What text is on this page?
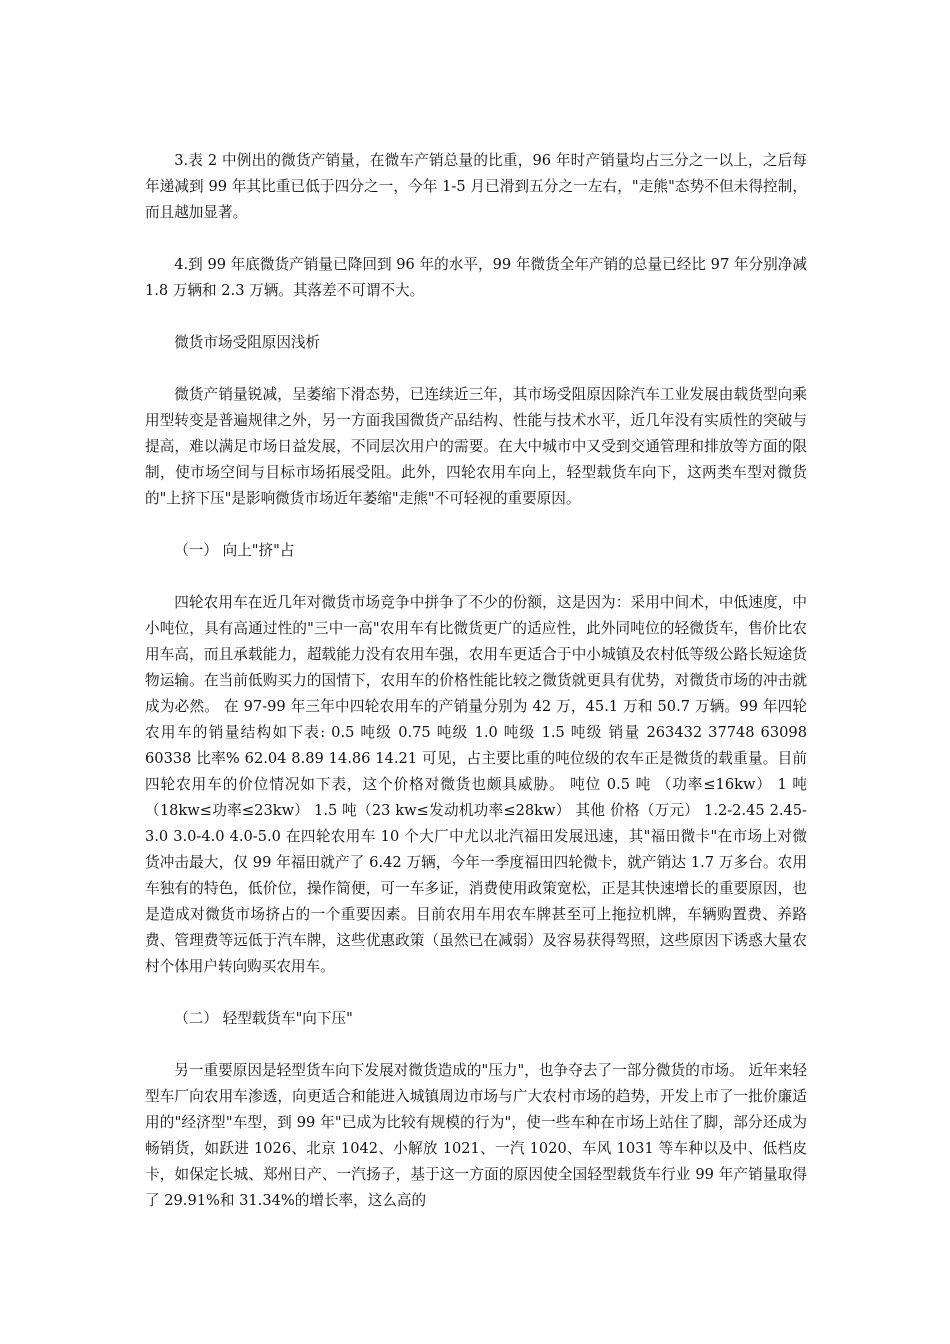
3.表 2 中例出的微货产销量，在微车产销总量的比重，96 年时产销量均占三分之一以上，之后每年递减到 99 年其比重已低于四分之一，今年 1-5 月已滑到五分之一左右，"走熊"态势不但未得控制，而且越加显著。

4.到 99 年底微货产销量已降回到 96 年的水平，99 年微货全年产销的总量已经比 97 年分别净减 1.8 万辆和 2.3 万辆。其落差不可谓不大。

微货市场受阻原因浅析

微货产销量锐减，呈萎缩下滑态势，已连续近三年，其市场受阻原因除汽车工业发展由载货型向乘用型转变是普遍规律之外，另一方面我国微货产品结构、性能与技术水平，近几年没有实质性的突破与提高，难以满足市场日益发展，不同层次用户的需要。在大中城市中又受到交通管理和排放等方面的限制，使市场空间与目标市场拓展受阻。此外，四轮农用车向上，轻型载货车向下，这两类车型对微货的"上挤下压"是影响微货市场近年萎缩"走熊"不可轻视的重要原因。

（一） 向上"挤"占

四轮农用车在近几年对微货市场竞争中拼争了不少的份额，这是因为：采用中间术，中低速度，中小吨位，具有高通过性的"三中一高"农用车有比微货更广的适应性，此外同吨位的轻微货车，售价比农用车高，而且承载能力，超载能力没有农用车强，农用车更适合于中小城镇及农村低等级公路长短途货物运输。在当前低购买力的国情下，农用车的价格性能比较之微货就更具有优势，对微货市场的冲击就成为必然。 在 97-99 年三年中四轮农用车的产销量分别为 42 万，45.1 万和 50.7 万辆。99 年四轮农用车的销量结构如下表: 0.5 吨级 0.75 吨级 1.0 吨级 1.5 吨级 销量 263432 37748 63098 60338 比率% 62.04 8.89 14.86 14.21 可见，占主要比重的吨位级的农车正是微货的载重量。目前四轮农用车的价位情况如下表，这个价格对微货也颇具威胁。 吨位 0.5 吨 （功率≤16kw） 1 吨（18kw≤功率≤23kw） 1.5 吨（23 kw≤发动机功率≤28kw） 其他 价格（万元） 1.2-2.45 2.45-3.0 3.0-4.0 4.0-5.0 在四轮农用车 10 个大厂中尤以北汽福田发展迅速，其"福田微卡"在市场上对微货冲击最大，仅 99 年福田就产了 6.42 万辆，今年一季度福田四轮微卡，就产销达 1.7 万多台。农用车独有的特色，低价位，操作简便，可一车多证，消费使用政策宽松，正是其快速增长的重要原因，也是造成对微货市场挤占的一个重要因素。目前农用车用农车牌甚至可上拖拉机牌，车辆购置费、养路费、管理费等远低于汽车牌，这些优惠政策（虽然已在减弱）及容易获得驾照，这些原因下诱惑大量农村个体用户转向购买农用车。

（二） 轻型载货车"向下压"

另一重要原因是轻型货车向下发展对微货造成的"压力"，也争夺去了一部分微货的市场。 近年来轻型车厂向农用车渗透，向更适合和能进入城镇周边市场与广大农村市场的趋势，开发上市了一批价廉适用的"经济型"车型，到 99 年"已成为比较有规模的行为"，使一些车种在市场上站住了脚，部分还成为畅销货，如跃进 1026、北京 1042、小解放 1021、一汽 1020、车风 1031 等车种以及中、低档皮卡，如保定长城、郑州日产、一汽扬子，基于这一方面的原因使全国轻型载货车行业 99 年产销量取得了 29.91%和 31.34%的增长率，这么高的
